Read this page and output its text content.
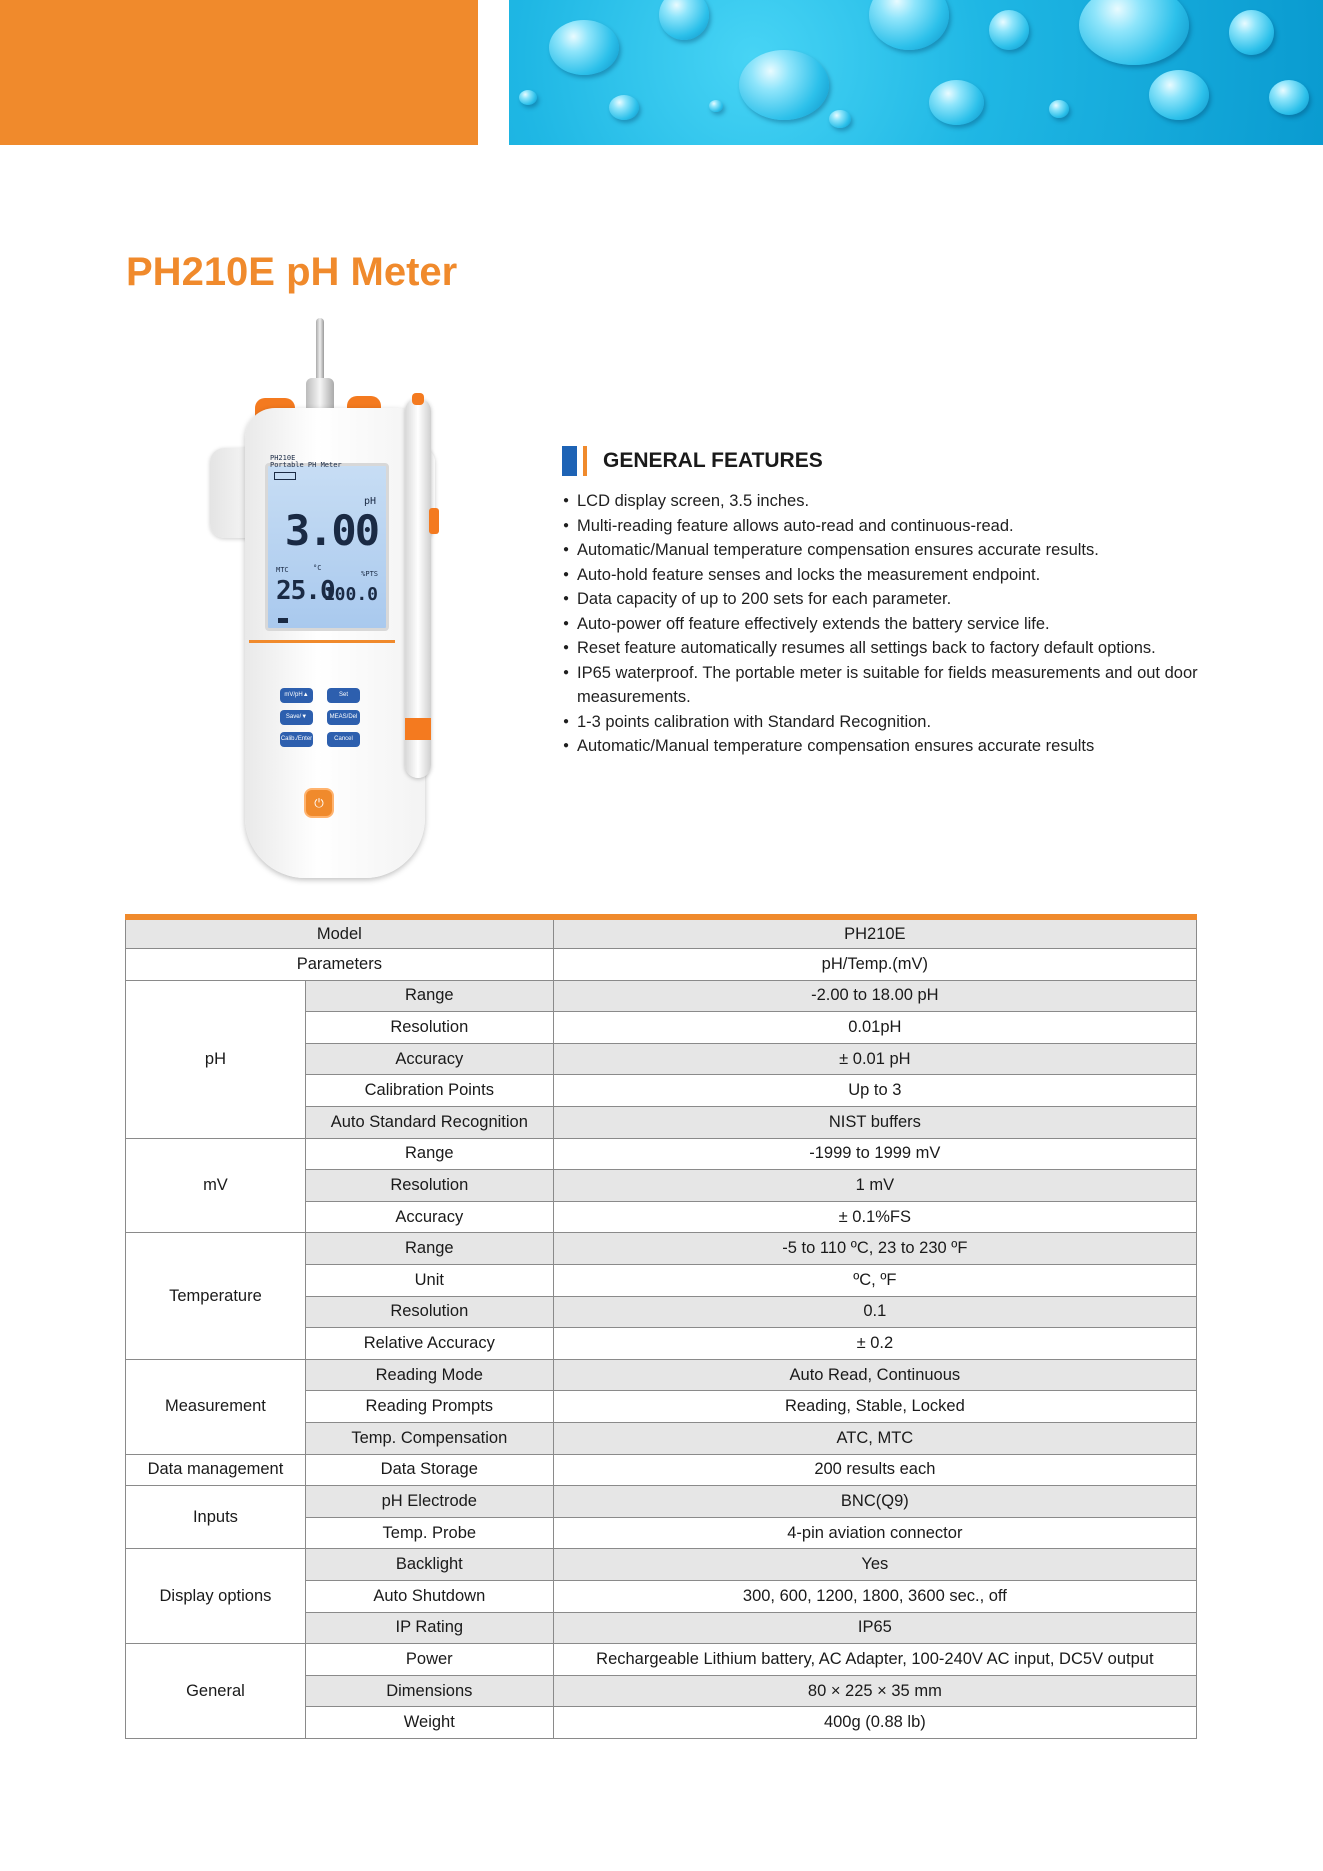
PH210E pH Meter
PH210E
Portable PH Meter
pH
3.00
MTC	°C
%PTS
25.0
100.0
mV/pH▲	Set
Save/▼	MEAS/Del
Calib./Enter	Cancel
⏻
GENERAL FEATURES
● LCD display screen, 3.5 inches.
● Multi-reading feature allows auto-read and continuous-read.
● Automatic/Manual temperature compensation ensures accurate results.
● Auto-hold feature senses and locks the measurement endpoint.
● Data capacity of up to 200 sets for each parameter.
● Auto-power off feature effectively extends the battery service life.
● Reset feature automatically resumes all settings back to factory default options.
● IP65 waterproof. The portable meter is suitable for fields measurements and out door measurements.
● 1-3 points calibration with Standard Recognition.
● Automatic/Manual temperature compensation ensures accurate results
Model		PH210E
Parameters		pH/Temp.(mV)
pH	Range	-2.00 to 18.00 pH
	Resolution	0.01pH
	Accuracy	± 0.01 pH
	Calibration Points	Up to 3
	Auto Standard Recognition	NIST buffers
mV	Range	-1999 to 1999 mV
	Resolution	1 mV
	Accuracy	± 0.1%FS
Temperature	Range	-5 to 110 ºC, 23 to 230 ºF
	Unit	ºC, ºF
	Resolution	0.1
	Relative Accuracy	± 0.2
Measurement	Reading Mode	Auto Read, Continuous
	Reading Prompts	Reading, Stable, Locked
	Temp. Compensation	ATC, MTC
Data management	Data Storage	200 results each
Inputs	pH Electrode	BNC(Q9)
	Temp. Probe	4-pin aviation connector
Display options	Backlight	Yes
	Auto Shutdown	300, 600, 1200, 1800, 3600 sec., off
	IP Rating	IP65
General	Power	Rechargeable Lithium battery, AC Adapter, 100-240V AC input, DC5V output
	Dimensions	80 × 225 × 35 mm
	Weight	400g (0.88 lb)
